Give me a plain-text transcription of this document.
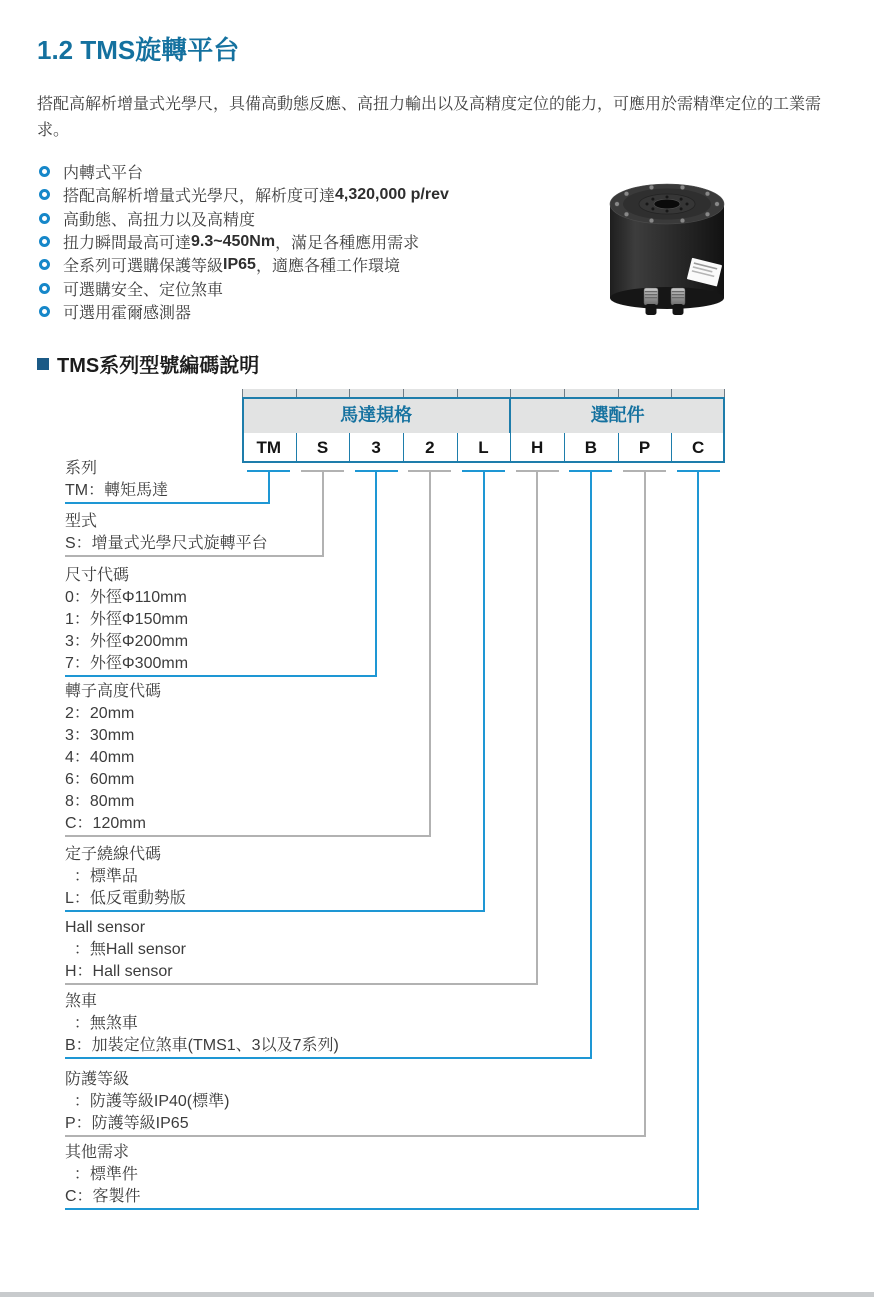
1.2 TMS旋轉平台
搭配高解析增量式光學尺，具備高動態反應、高扭力輸出以及高精度定位的能力，可應用於需精準定位的工業需求。
内轉式平台
搭配高解析增量式光學尺，解析度可達 4,320,000 p/rev
高動態、高扭力以及高精度
扭力瞬間最高可達 9.3~450Nm ，滿足各種應用需求
全系列可選購保護等級 IP65 ，適應各種工作環境
可選購安全、定位煞車
可選用霍爾感測器
TMS系列型號編碼說明
馬達規格	選配件
TM	S	3	2	L	H	B	P	C
系列
TM：轉矩馬達
型式
S：增量式光學尺式旋轉平台
尺寸代碼
0：外徑Φ110mm
1：外徑Φ150mm
3：外徑Φ200mm
7：外徑Φ300mm
轉子高度代碼
2：20mm
3：30mm
4：40mm
6：60mm
8：80mm
C：120mm
定子繞線代碼
：標準品
L：低反電動勢版
Hall sensor
：無Hall sensor
H：Hall sensor
煞車
：無煞車
B：加裝定位煞車(TMS1、3以及7系列)
防護等級
：防護等級IP40(標準)
P：防護等級IP65
其他需求
：標準件
C：客製件
